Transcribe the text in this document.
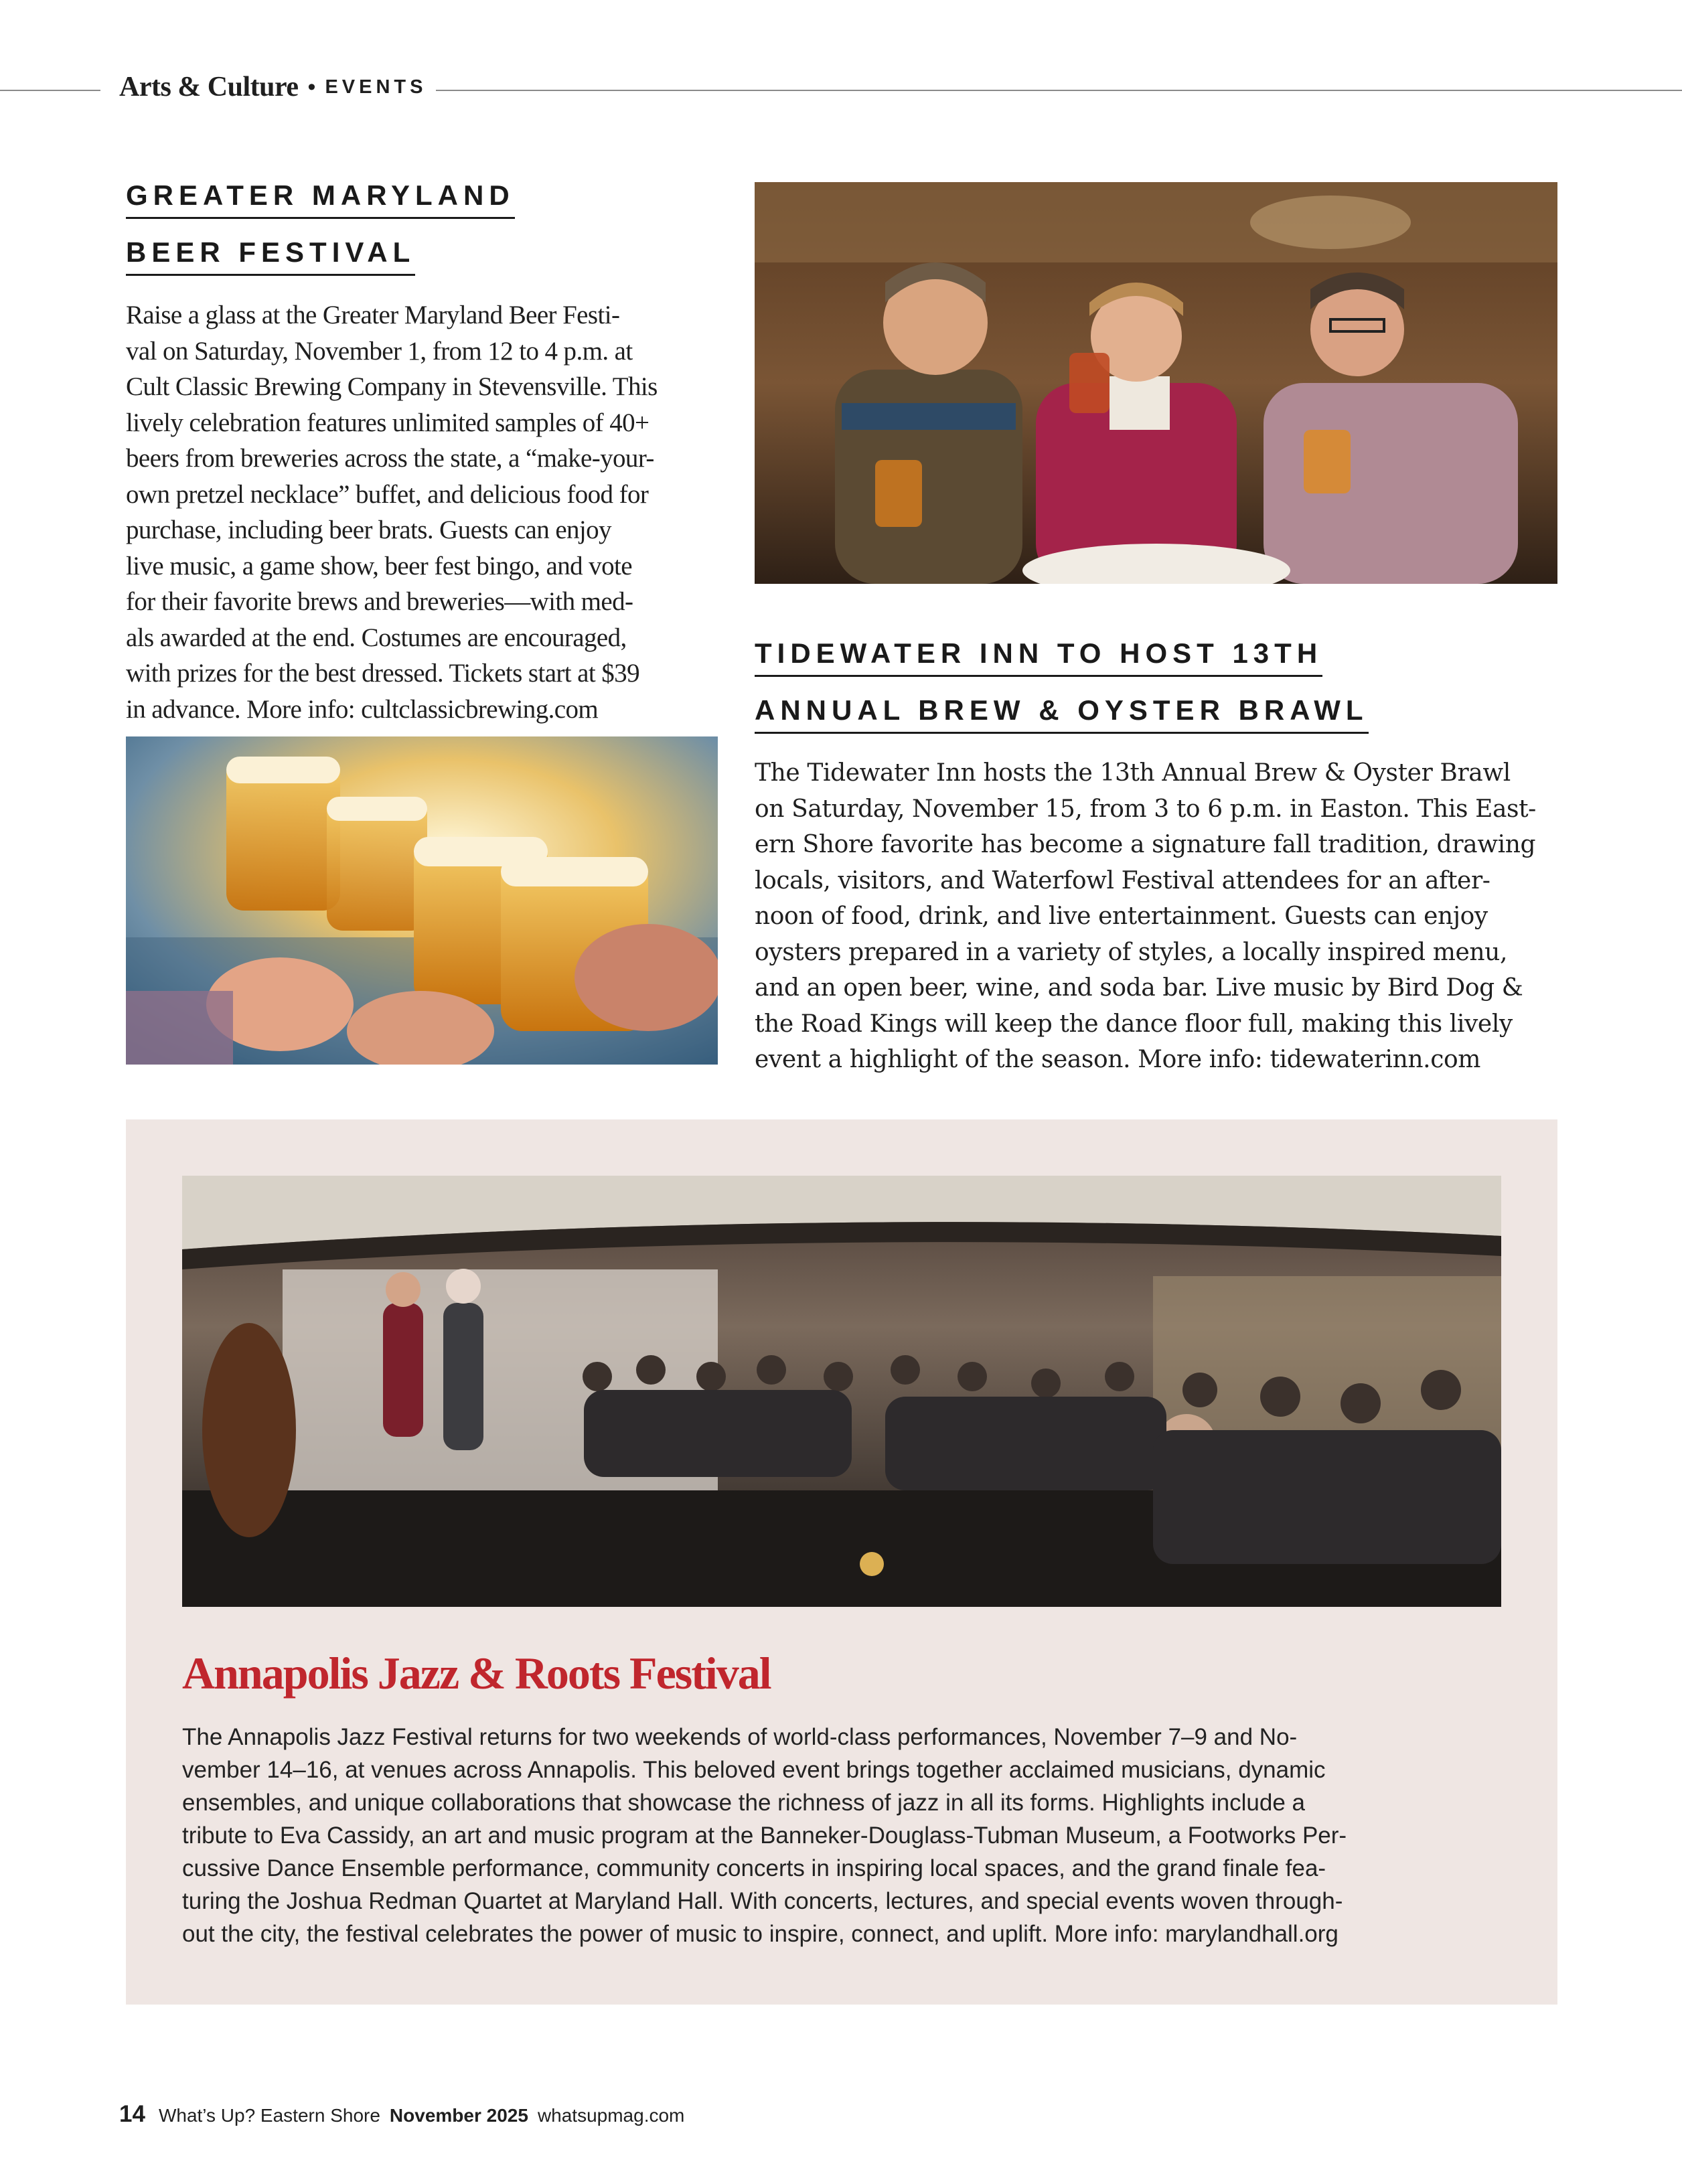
Arts & Culture • EVENTS
GREATER MARYLAND
BEER FESTIVAL
Raise a glass at the Greater Maryland Beer Festi-
val on Saturday, November 1, from 12 to 4 p.m. at
Cult Classic Brewing Company in Stevensville. This
lively celebration features unlimited samples of 40+
beers from breweries across the state, a “make-your-
own pretzel necklace” buffet, and delicious food for
purchase, including beer brats. Guests can enjoy
live music, a game show, beer fest bingo, and vote
for their favorite brews and breweries—with med-
als awarded at the end. Costumes are encouraged,
with prizes for the best dressed. Tickets start at $39
in advance. More info: cultclassicbrewing.com
TIDEWATER INN TO HOST 13TH
ANNUAL BREW & OYSTER BRAWL
The Tidewater Inn hosts the 13th Annual Brew & Oyster Brawl
on Saturday, November 15, from 3 to 6 p.m. in Easton. This East-
ern Shore favorite has become a signature fall tradition, drawing
locals, visitors, and Waterfowl Festival attendees for an after-
noon of food, drink, and live entertainment. Guests can enjoy
oysters prepared in a variety of styles, a locally inspired menu,
and an open beer, wine, and soda bar. Live music by Bird Dog &
the Road Kings will keep the dance floor full, making this lively
event a highlight of the season. More info: tidewaterinn.com
Annapolis Jazz & Roots Festival
The Annapolis Jazz Festival returns for two weekends of world-class performances, November 7–9 and No-
vember 14–16, at venues across Annapolis. This beloved event brings together acclaimed musicians, dynamic
ensembles, and unique collaborations that showcase the richness of jazz in all its forms. Highlights include a
tribute to Eva Cassidy, an art and music program at the Banneker-Douglass-Tubman Museum, a Footworks Per-
cussive Dance Ensemble performance, community concerts in inspiring local spaces, and the grand finale fea-
turing the Joshua Redman Quartet at Maryland Hall. With concerts, lectures, and special events woven through-
out the city, the festival celebrates the power of music to inspire, connect, and uplift. More info: marylandhall.org
14 What’s Up? Eastern Shore November 2025 whatsupmag.com
